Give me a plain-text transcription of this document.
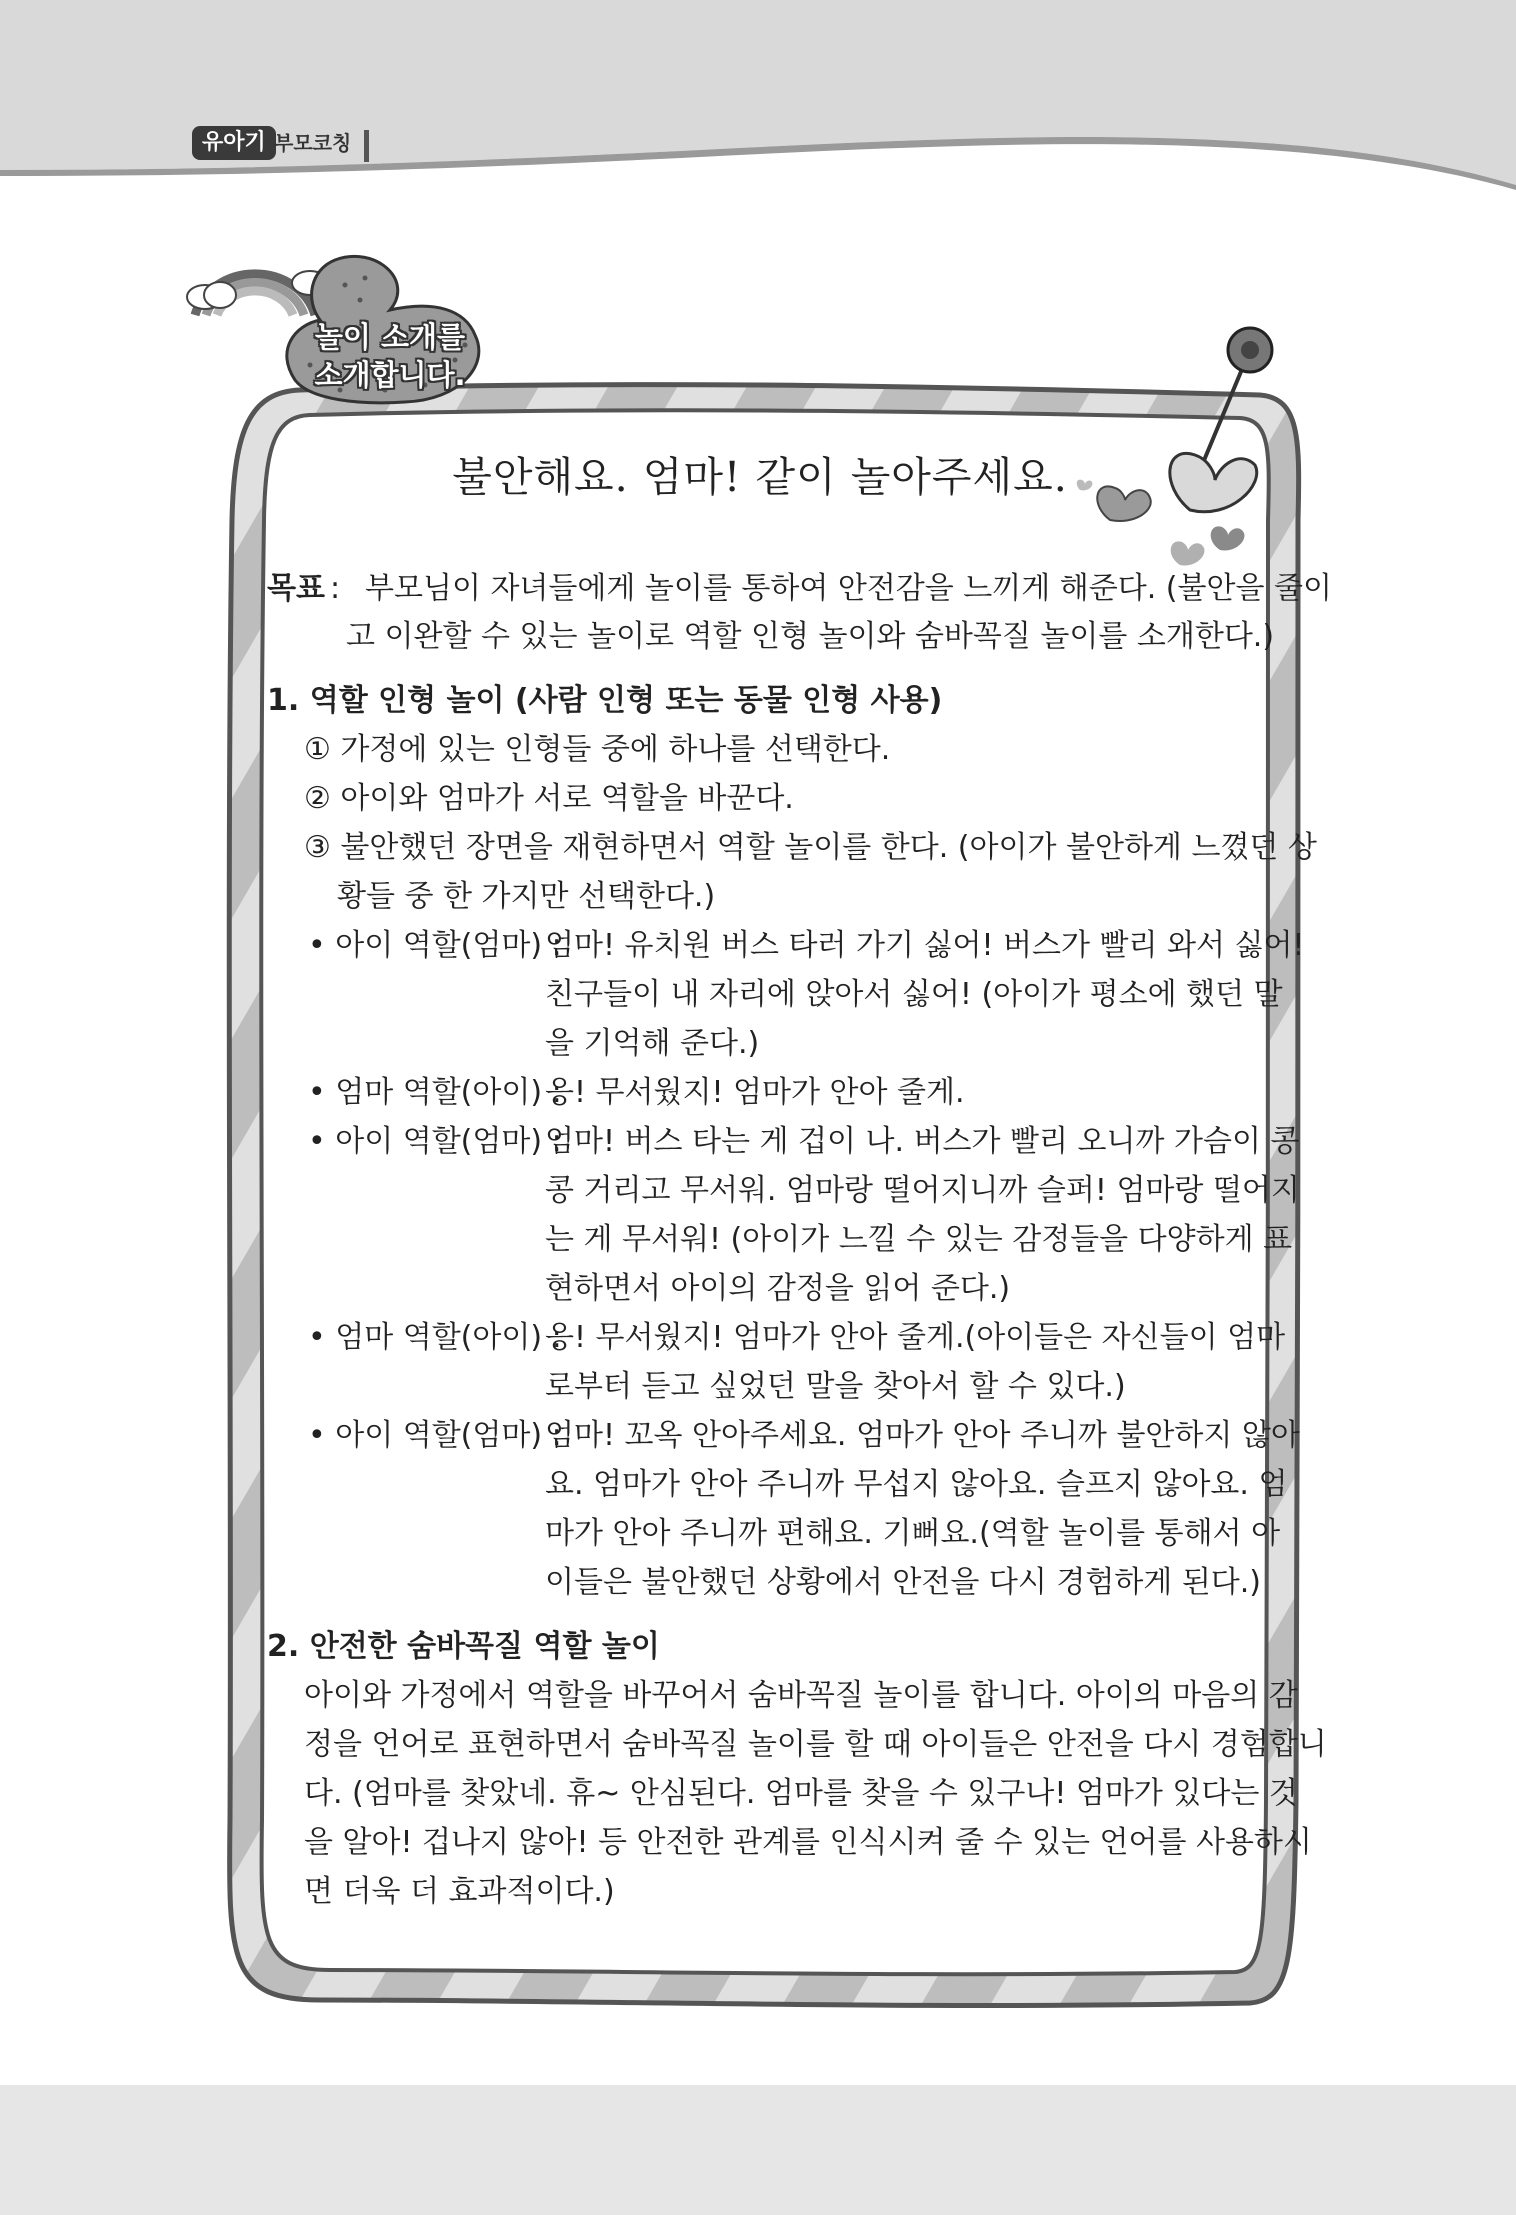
유아기 부모코칭
놀이 소개를
소개합니다.
불안해요. 엄마! 같이 놀아주세요.
목표 : 부모님이 자녀들에게 놀이를 통하여 안전감을 느끼게 해준다. (불안을 줄이
고 이완할 수 있는 놀이로 역할 인형 놀이와 숨바꼭질 놀이를 소개한다.)
1. 역할 인형 놀이 (사람 인형 또는 동물 인형 사용)
① 가정에 있는 인형들 중에 하나를 선택한다.
② 아이와 엄마가 서로 역할을 바꾼다.
③ 불안했던 장면을 재현하면서 역할 놀이를 한다. (아이가 불안하게 느꼈던 상
황들 중 한 가지만 선택한다.)
• 아이 역할(엄마) :
엄마! 유치원 버스 타러 가기 싫어! 버스가 빨리 와서 싫어!
친구들이 내 자리에 앉아서 싫어! (아이가 평소에 했던 말
을 기억해 준다.)
• 엄마 역할(아이) :
응! 무서웠지! 엄마가 안아 줄게.
• 아이 역할(엄마) :
엄마! 버스 타는 게 겁이 나. 버스가 빨리 오니까 가슴이 콩
콩 거리고 무서워. 엄마랑 떨어지니까 슬퍼! 엄마랑 떨어지
는 게 무서워! (아이가 느낄 수 있는 감정들을 다양하게 표
현하면서 아이의 감정을 읽어 준다.)
• 엄마 역할(아이) :
응! 무서웠지! 엄마가 안아 줄게.(아이들은 자신들이 엄마
로부터 듣고 싶었던 말을 찾아서 할 수 있다.)
• 아이 역할(엄마) :
엄마! 꼬옥 안아주세요. 엄마가 안아 주니까 불안하지 않아
요. 엄마가 안아 주니까 무섭지 않아요. 슬프지 않아요. 엄
마가 안아 주니까 편해요. 기뻐요.(역할 놀이를 통해서 아
이들은 불안했던 상황에서 안전을 다시 경험하게 된다.)
2. 안전한 숨바꼭질 역할 놀이
아이와 가정에서 역할을 바꾸어서 숨바꼭질 놀이를 합니다. 아이의 마음의 감
정을 언어로 표현하면서 숨바꼭질 놀이를 할 때 아이들은 안전을 다시 경험합니
다. (엄마를 찾았네. 휴~ 안심된다. 엄마를 찾을 수 있구나! 엄마가 있다는 것
을 알아! 겁나지 않아! 등 안전한 관계를 인식시켜 줄 수 있는 언어를 사용하시
면 더욱 더 효과적이다.)
